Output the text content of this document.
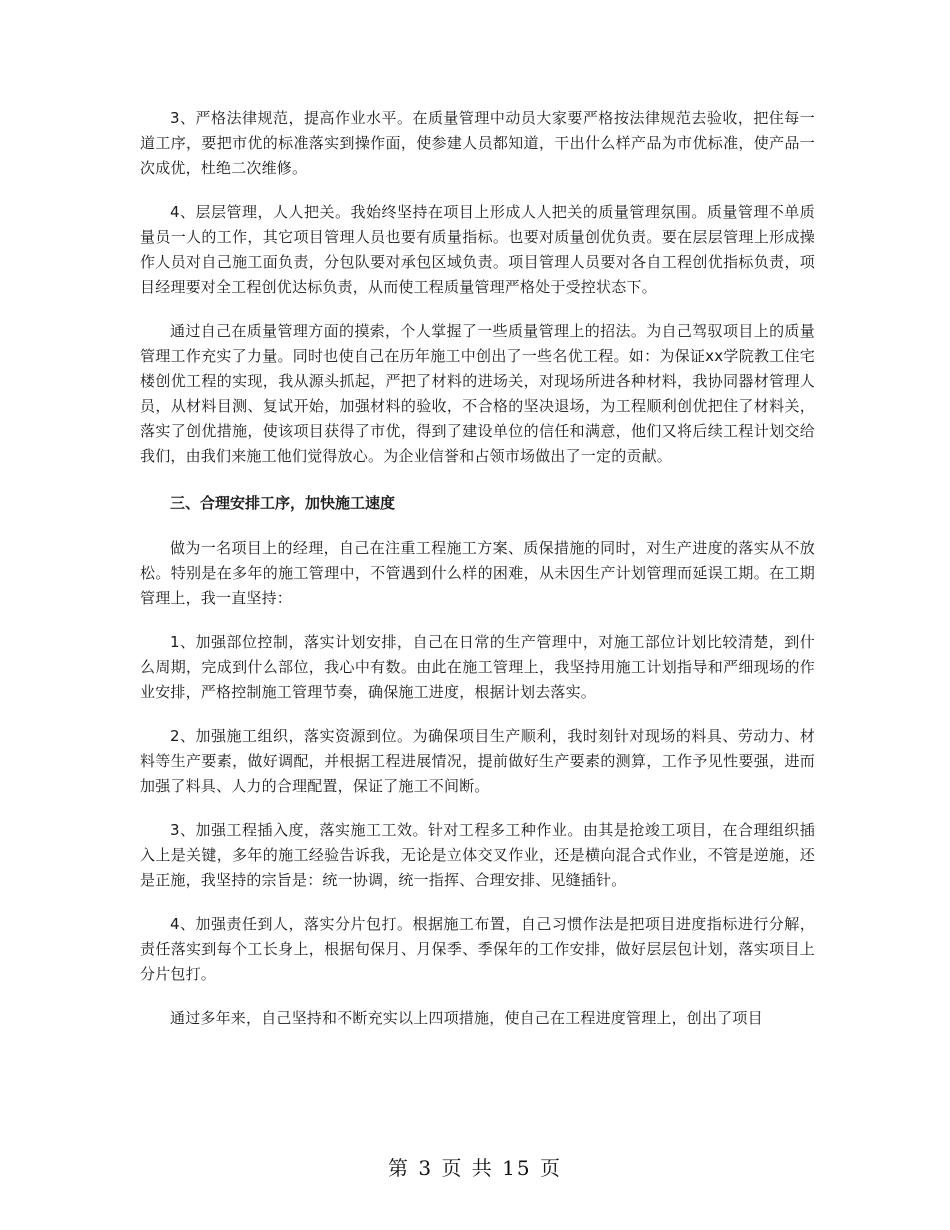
3、严格法律规范，提高作业水平。在质量管理中动员大家要严格按法律规范去验收，把住每一道工序，要把市优的标准落实到操作面，使参建人员都知道，干出什么样产品为市优标准，使产品一次成优，杜绝二次维修。

4、层层管理，人人把关。我始终坚持在项目上形成人人把关的质量管理氛围。质量管理不单质量员一人的工作，其它项目管理人员也要有质量指标。也要对质量创优负责。要在层层管理上形成操作人员对自己施工面负责，分包队要对承包区域负责。项目管理人员要对各自工程创优指标负责，项目经理要对全工程创优达标负责，从而使工程质量管理严格处于受控状态下。

通过自己在质量管理方面的摸索，个人掌握了一些质量管理上的招法。为自己驾驭项目上的质量管理工作充实了力量。同时也使自己在历年施工中创出了一些名优工程。如：为保证xx学院教工住宅楼创优工程的实现，我从源头抓起，严把了材料的进场关，对现场所进各种材料，我协同器材管理人员，从材料目测、复试开始，加强材料的验收，不合格的坚决退场，为工程顺利创优把住了材料关，落实了创优措施，使该项目获得了市优，得到了建设单位的信任和满意，他们又将后续工程计划交给我们，由我们来施工他们觉得放心。为企业信誉和占领市场做出了一定的贡献。

三、合理安排工序，加快施工速度

做为一名项目上的经理，自己在注重工程施工方案、质保措施的同时，对生产进度的落实从不放松。特别是在多年的施工管理中，不管遇到什么样的困难，从未因生产计划管理而延误工期。在工期管理上，我一直坚持：

1、加强部位控制，落实计划安排，自己在日常的生产管理中，对施工部位计划比较清楚，到什么周期，完成到什么部位，我心中有数。由此在施工管理上，我坚持用施工计划指导和严细现场的作业安排，严格控制施工管理节奏，确保施工进度，根据计划去落实。

2、加强施工组织，落实资源到位。为确保项目生产顺利，我时刻针对现场的料具、劳动力、材料等生产要素，做好调配，并根据工程进展情况，提前做好生产要素的测算，工作予见性要强，进而加强了料具、人力的合理配置，保证了施工不间断。

3、加强工程插入度，落实施工工效。针对工程多工种作业。由其是抢竣工项目，在合理组织插入上是关键，多年的施工经验告诉我，无论是立体交叉作业，还是横向混合式作业，不管是逆施，还是正施，我坚持的宗旨是：统一协调，统一指挥、合理安排、见缝插针。

4、加强责任到人，落实分片包打。根据施工布置，自己习惯作法是把项目进度指标进行分解，责任落实到每个工长身上，根据旬保月、月保季、季保年的工作安排，做好层层包计划，落实项目上分片包打。

通过多年来，自己坚持和不断充实以上四项措施，使自己在工程进度管理上，创出了项目

第 3 页 共 15 页
